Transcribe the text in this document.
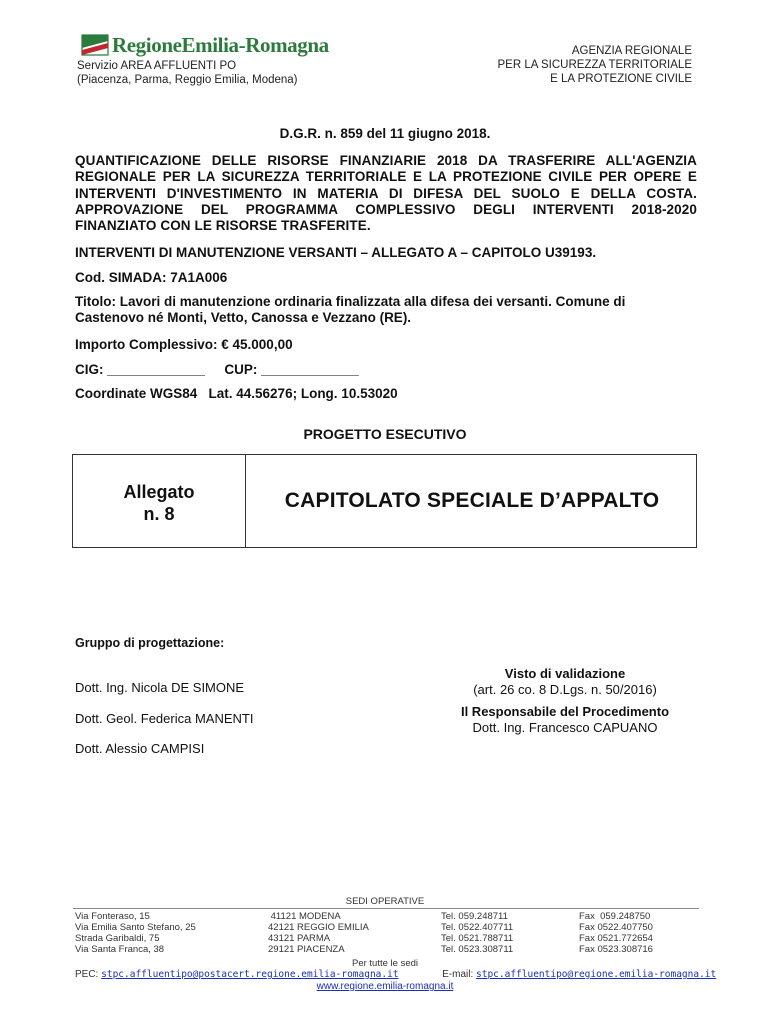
RegioneEmilia-Romagna
Servizio AREA AFFLUENTI PO
(Piacenza, Parma, Reggio Emilia, Modena)
AGENZIA REGIONALE
PER LA SICUREZZA TERRITORIALE
E LA PROTEZIONE CIVILE
D.G.R. n. 859 del 11 giugno 2018.
QUANTIFICAZIONE DELLE RISORSE FINANZIARIE 2018 DA TRASFERIRE ALL'AGENZIA REGIONALE PER LA SICUREZZA TERRITORIALE E LA PROTEZIONE CIVILE PER OPERE E INTERVENTI D'INVESTIMENTO IN MATERIA DI DIFESA DEL SUOLO E DELLA COSTA. APPROVAZIONE DEL PROGRAMMA COMPLESSIVO DEGLI INTERVENTI 2018-2020 FINANZIATO CON LE RISORSE TRASFERITE.
INTERVENTI DI MANUTENZIONE VERSANTI – ALLEGATO A – CAPITOLO U39193.
Cod. SIMADA: 7A1A006
Titolo: Lavori di manutenzione ordinaria finalizzata alla difesa dei versanti. Comune di Castenovo né Monti, Vetto, Canossa e Vezzano (RE).
Importo Complessivo: € 45.000,00
CIG: _____________ CUP: _____________
Coordinate WGS84   Lat. 44.56276; Long. 10.53020
PROGETTO ESECUTIVO
Allegato
n. 8
CAPITOLATO SPECIALE D’APPALTO
Gruppo di progettazione:
Dott. Ing. Nicola DE SIMONE
Dott. Geol. Federica MANENTI
Dott. Alessio CAMPISI
Visto di validazione
(art. 26 co. 8 D.Lgs. n. 50/2016)
Il Responsabile del Procedimento
Dott. Ing. Francesco CAPUANO
SEDI OPERATIVE
Via Fonteraso, 15	41121 MODENA	Tel. 059.248711	Fax  059.248750
Via Emilia Santo Stefano, 25	42121 REGGIO EMILIA	Tel. 0522.407711	Fax 0522.407750
Strada Garibaldi, 75	43121 PARMA	Tel. 0521.788711	Fax 0521.772654
Via Santa Franca, 38	29121 PIACENZA	Tel. 0523.308711	Fax 0523.308716
Per tutte le sedi
PEC: stpc.affluentipo@postacert.regione.emilia-romagna.it	E-mail: stpc.affluentipo@regione.emilia-romagna.it
www.regione.emilia-romagna.it
